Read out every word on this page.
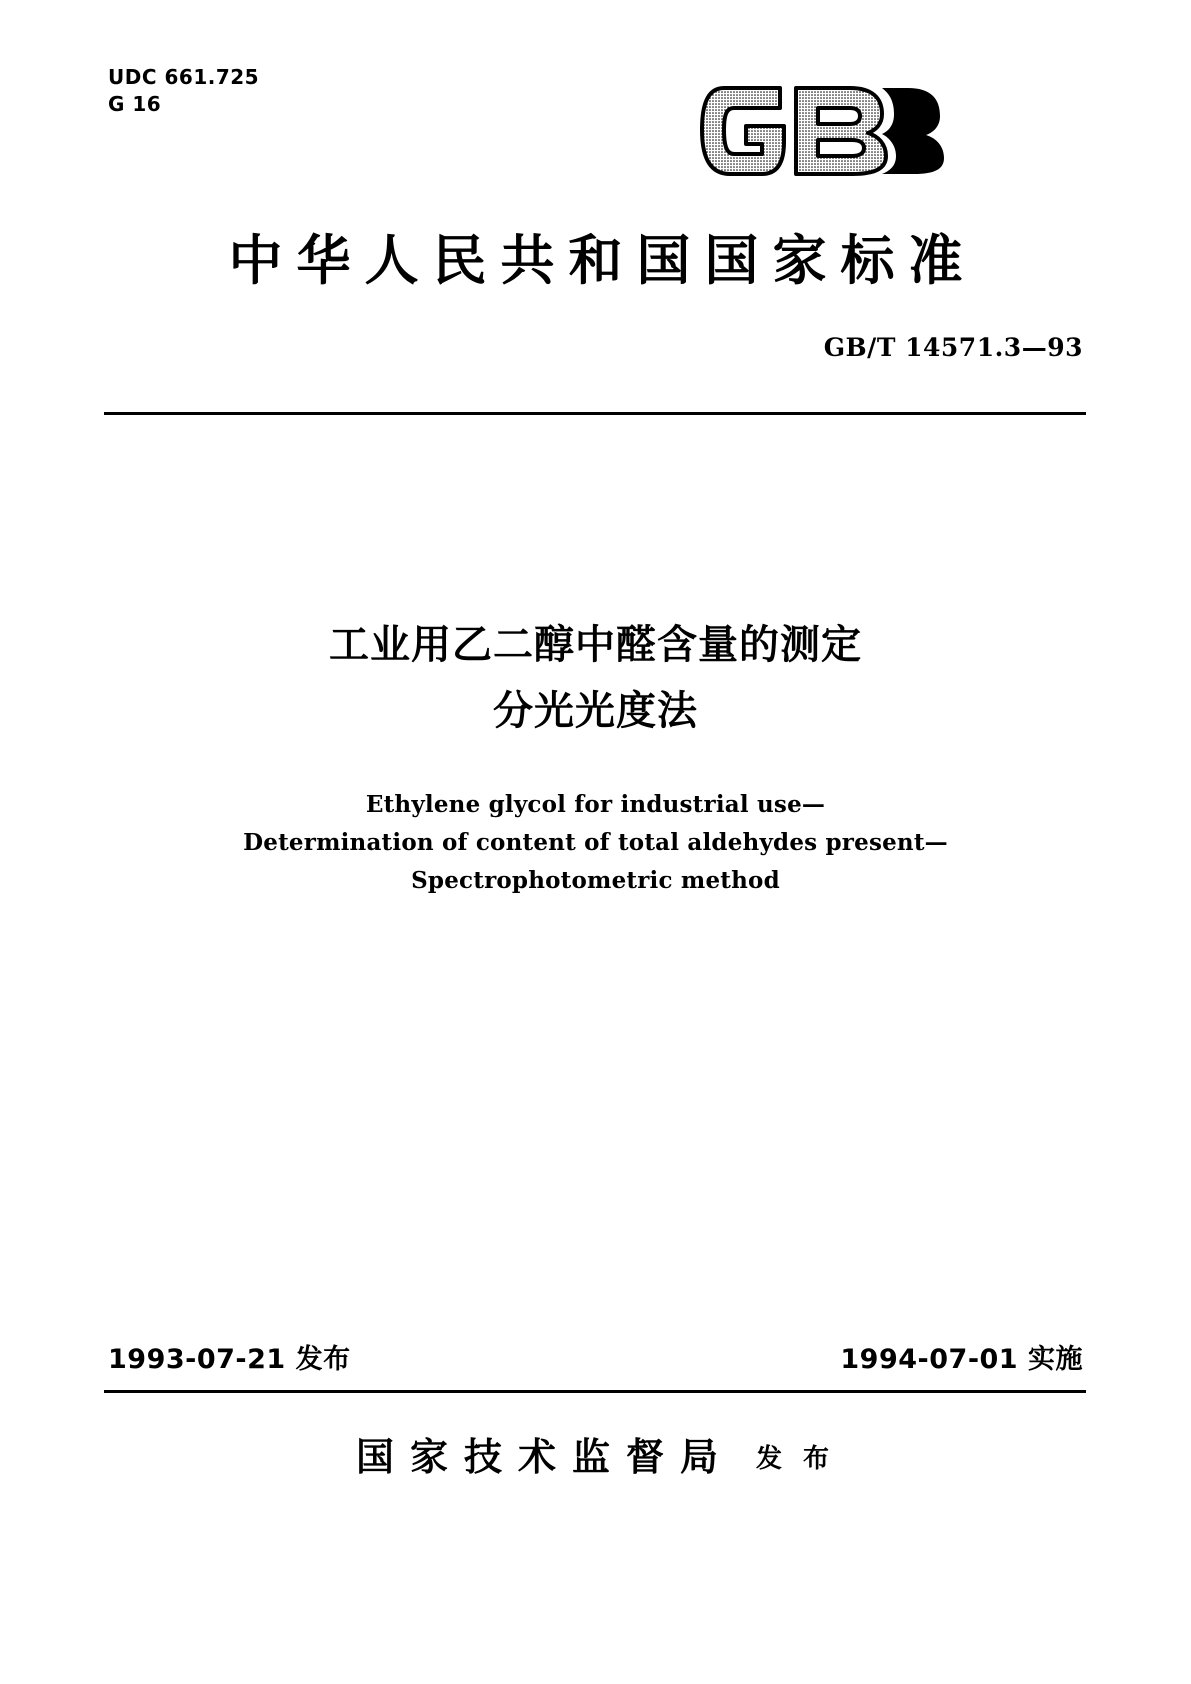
UDC 661.725
G 16
中华人民共和国国家标准
GB/T 14571.3—93
工业用乙二醇中醛含量的测定
分光光度法
Ethylene glycol for industrial use—
Determination of content of total aldehydes present—
Spectrophotometric method
1993-07-21 发布	1994-07-01 实施
国家技术监督局 发 布
